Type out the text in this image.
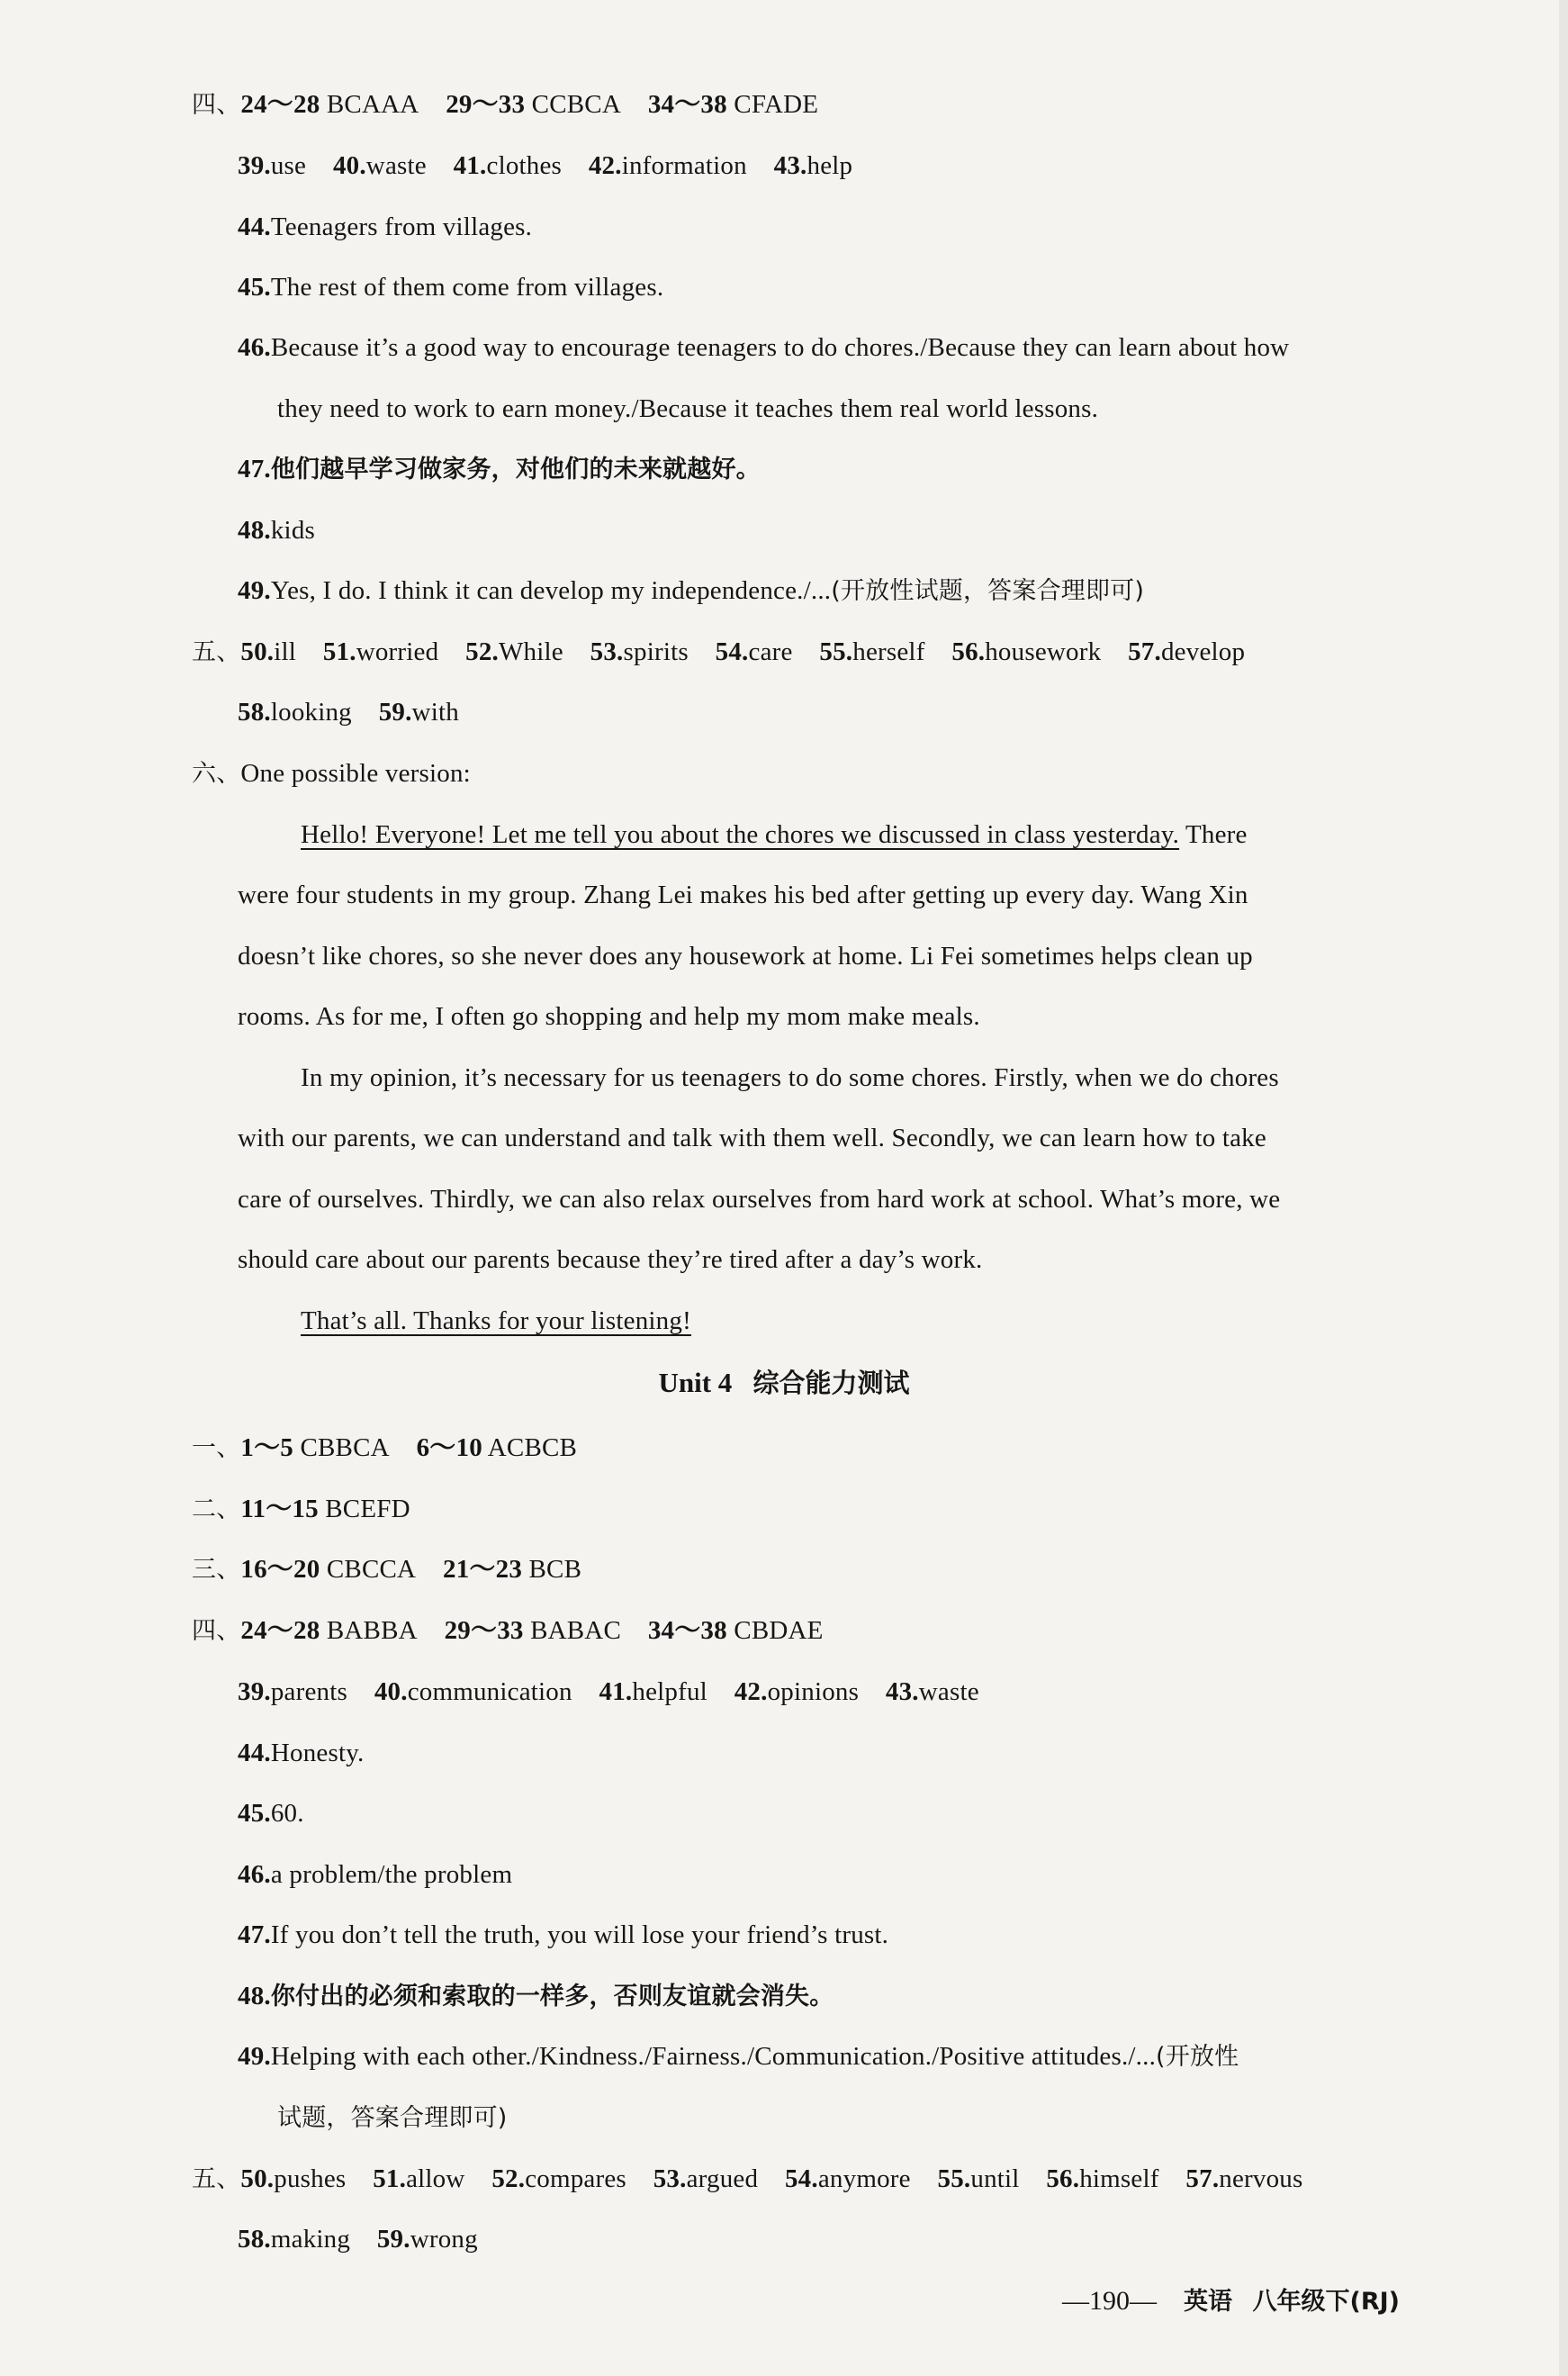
四、24～28 BCAAA 29～33 CCBCA 34～38 CFADE
39.use 40.waste 41.clothes 42.information 43.help
44.Teenagers from villages.
45.The rest of them come from villages.
46.Because it’s a good way to encourage teenagers to do chores./Because they can learn about how
they need to work to earn money./Because it teaches them real world lessons.
47.他们越早学习做家务，对他们的未来就越好。
48.kids
49.Yes, I do. I think it can develop my independence./...(开放性试题，答案合理即可)
五、50.ill 51.worried 52.While 53.spirits 54.care 55.herself 56.housework 57.develop
58.looking 59.with
六、One possible version:
Hello! Everyone! Let me tell you about the chores we discussed in class yesterday. There
were four students in my group. Zhang Lei makes his bed after getting up every day. Wang Xin
doesn’t like chores, so she never does any housework at home. Li Fei sometimes helps clean up
rooms. As for me, I often go shopping and help my mom make meals.
In my opinion, it’s necessary for us teenagers to do some chores. Firstly, when we do chores
with our parents, we can understand and talk with them well. Secondly, we can learn how to take
care of ourselves. Thirdly, we can also relax ourselves from hard work at school. What’s more, we
should care about our parents because they’re tired after a day’s work.
That’s all. Thanks for your listening!
Unit 4 综合能力测试
一、1～5 CBBCA 6～10 ACBCB
二、11～15 BCEFD
三、16～20 CBCCA 21～23 BCB
四、24～28 BABBA 29～33 BABAC 34～38 CBDAE
39.parents 40.communication 41.helpful 42.opinions 43.waste
44.Honesty.
45.60.
46.a problem/the problem
47.If you don’t tell the truth, you will lose your friend’s trust.
48.你付出的必须和索取的一样多，否则友谊就会消失。
49.Helping with each other./Kindness./Fairness./Communication./Positive attitudes./...(开放性
试题，答案合理即可)
五、50.pushes 51.allow 52.compares 53.argued 54.anymore 55.until 56.himself 57.nervous
58.making 59.wrong
—190— 英语 八年级下(RJ)
